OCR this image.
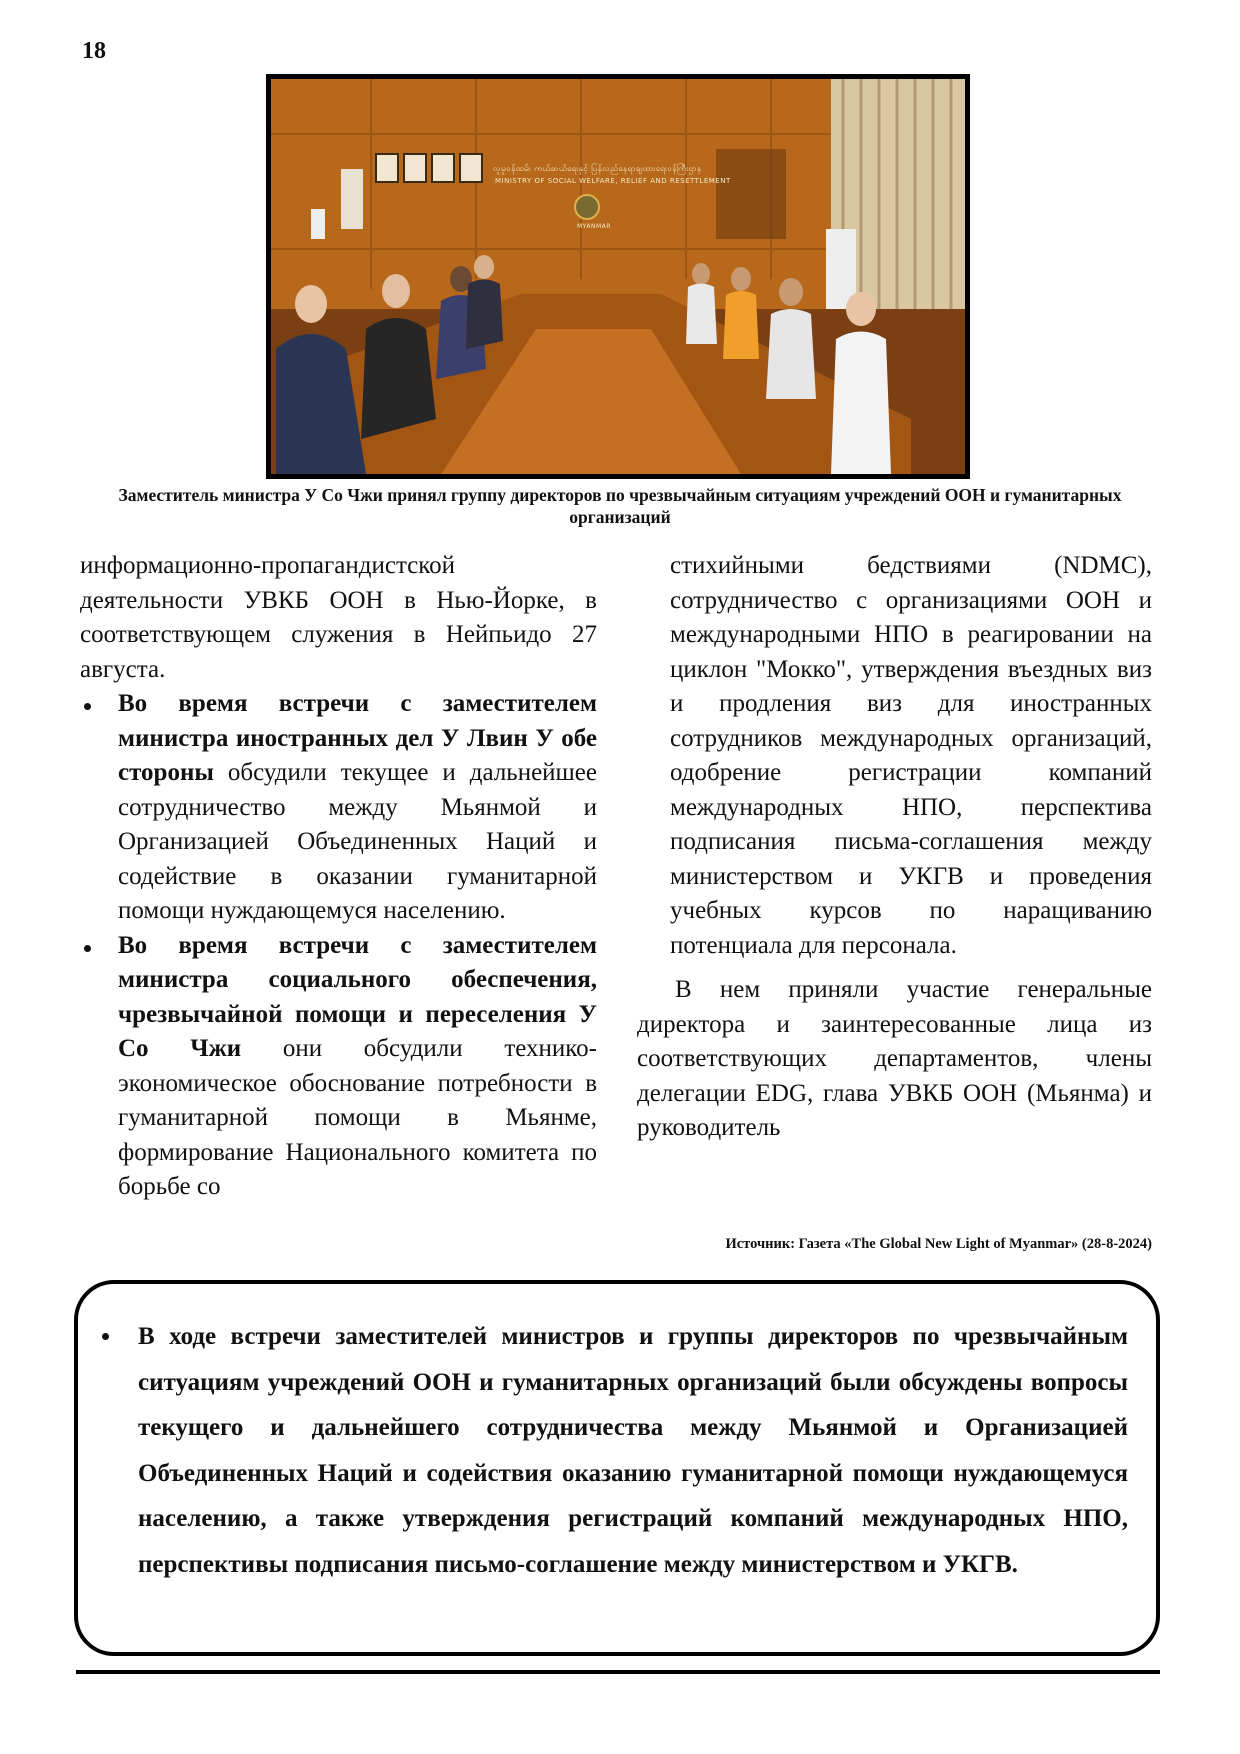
18
လူမှုဝန်ထမ်း ကယ်ဆယ်ရေးနှင့် ပြန်လည်နေရာချထားရေးဝန်ကြီးဌာန
MINISTRY OF SOCIAL WELFARE, RELIEF AND RESETTLEMENT
MYANMAR
Заместитель министра У Со Чжи принял группу директоров по чрезвычайным ситуациям учреждений ООН и гуманитарных организаций

информационно-пропагандистской деятельности УВКБ ООН в Нью-Йорке, в соответствующем служения в Нейпьидо 27 августа.

Во время встречи с заместителем министра иностранных дел У Лвин У обе стороны обсудили текущее и дальнейшее сотрудничество между Мьянмой и Организацией Объединенных Наций и содействие в оказании гуманитарной помощи нуждающемуся населению.

Во время встречи с заместителем министра социального обеспечения, чрезвычайной помощи и переселения У Со Чжи они обсудили технико-экономическое обоснование потребности в гуманитарной помощи в Мьянме, формирование Национального комитета по борьбе со

стихийными бедствиями (NDMC), сотрудничество с организациями ООН и международными НПО в реагировании на циклон "Мокко", утверждения въездных виз и продления виз для иностранных сотрудников международных организаций, одобрение регистрации компаний международных НПО, перспектива подписания письма-соглашения между министерством и УКГВ и проведения учебных курсов по наращиванию потенциала для персонала.

В нем приняли участие генеральные директора и заинтересованные лица из соответствующих департаментов, члены делегации EDG, глава УВКБ ООН (Мьянма) и руководитель

Источник: Газета «The Global New Light of Myanmar» (28-8-2024)
В ходе встречи заместителей министров и группы директоров по чрезвычайным ситуациям учреждений ООН и гуманитарных организаций были обсуждены вопросы текущего и дальнейшего сотрудничества между Мьянмой и Организацией Объединенных Наций и содействия оказанию гуманитарной помощи нуждающемуся населению, а также утверждения регистраций компаний международных НПО, перспективы подписания письмо-соглашение между министерством и УКГВ.
